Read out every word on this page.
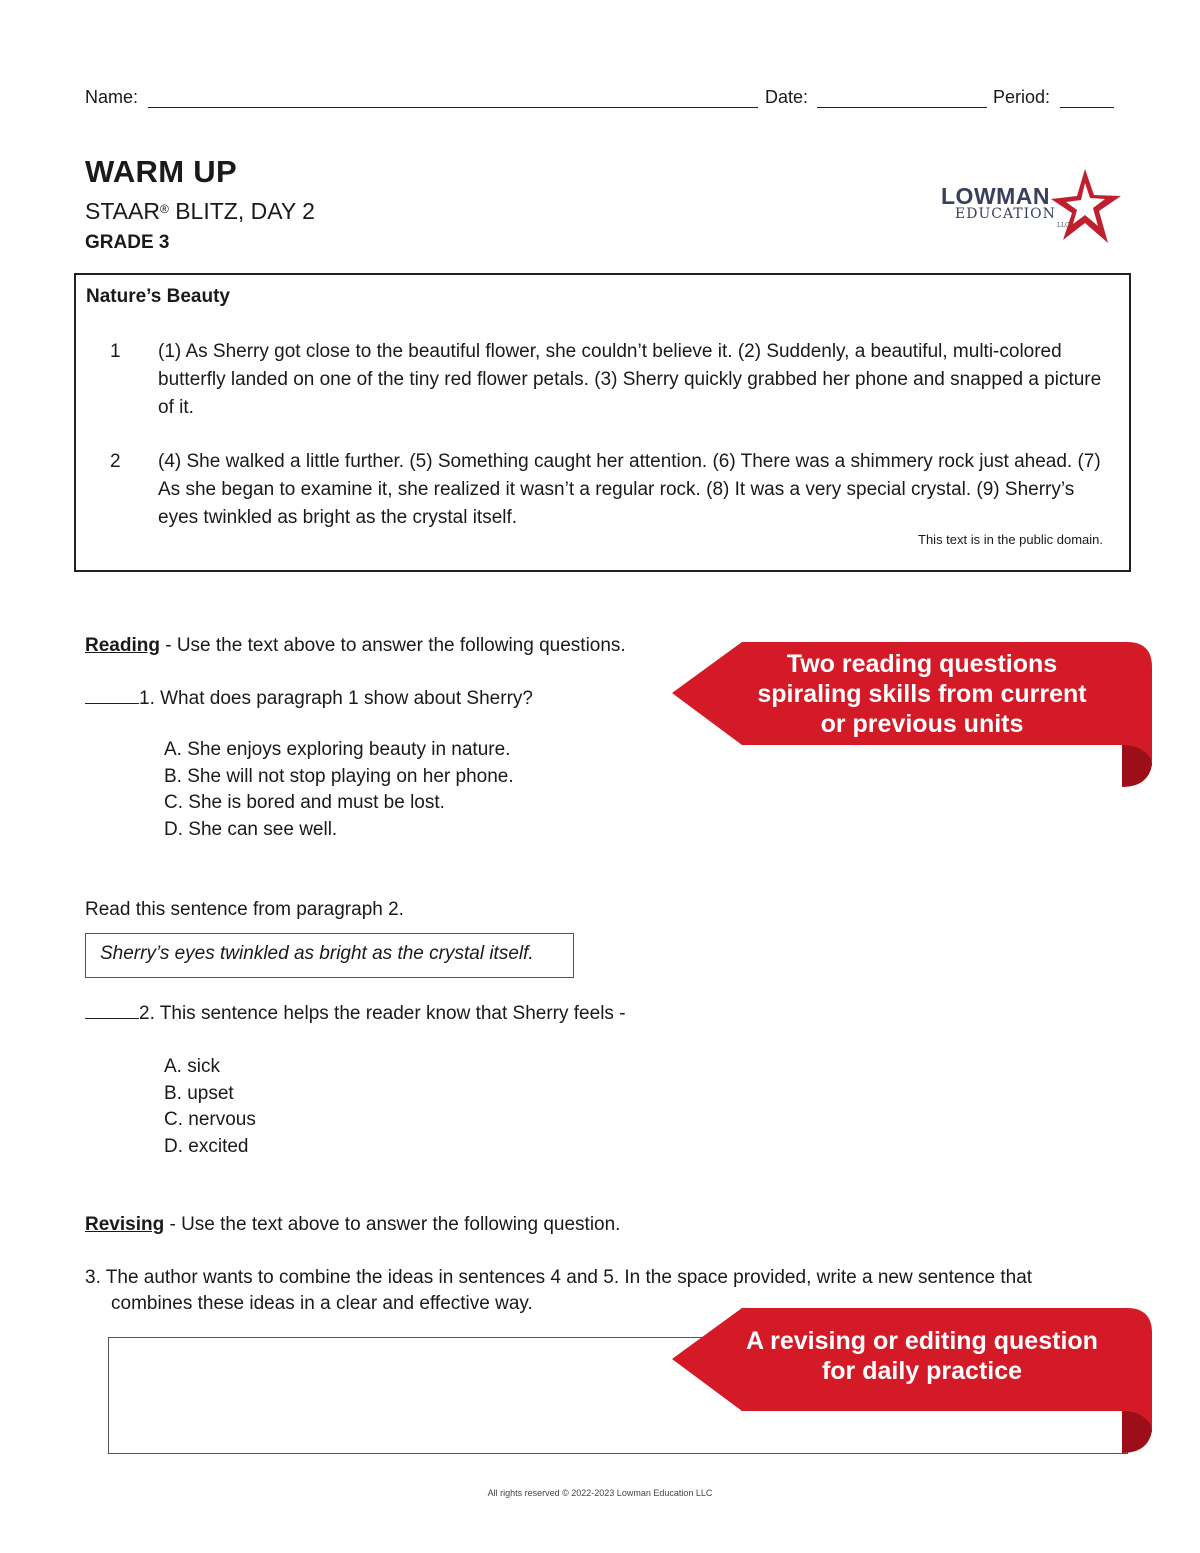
Name:	Date:	Period:
WARM UP
STAAR® BLITZ, DAY 2
GRADE 3
LOWMAN
EDUCATION
LLC
Nature’s Beauty
1 (1) As Sherry got close to the beautiful flower, she couldn’t believe it. (2) Suddenly, a beautiful, multi-colored butterfly landed on one of the tiny red flower petals. (3) Sherry quickly grabbed her phone and snapped a picture of it.
2 (4) She walked a little further. (5) Something caught her attention. (6) There was a shimmery rock just ahead. (7) As she began to examine it, she realized it wasn’t a regular rock. (8) It was a very special crystal. (9) Sherry’s eyes twinkled as bright as the crystal itself.
This text is in the public domain.
Reading - Use the text above to answer the following questions.
1. What does paragraph 1 show about Sherry?
A. She enjoys exploring beauty in nature.
B. She will not stop playing on her phone.
C. She is bored and must be lost.
D. She can see well.
Read this sentence from paragraph 2.
Sherry’s eyes twinkled as bright as the crystal itself.
2. This sentence helps the reader know that Sherry feels -
A. sick
B. upset
C. nervous
D. excited
Revising - Use the text above to answer the following question.
3. The author wants to combine the ideas in sentences 4 and 5. In the space provided, write a new sentence that
combines these ideas in a clear and effective way.
Two reading questions
spiraling skills from current
or previous units
A revising or editing question
for daily practice
All rights reserved © 2022-2023 Lowman Education LLC
